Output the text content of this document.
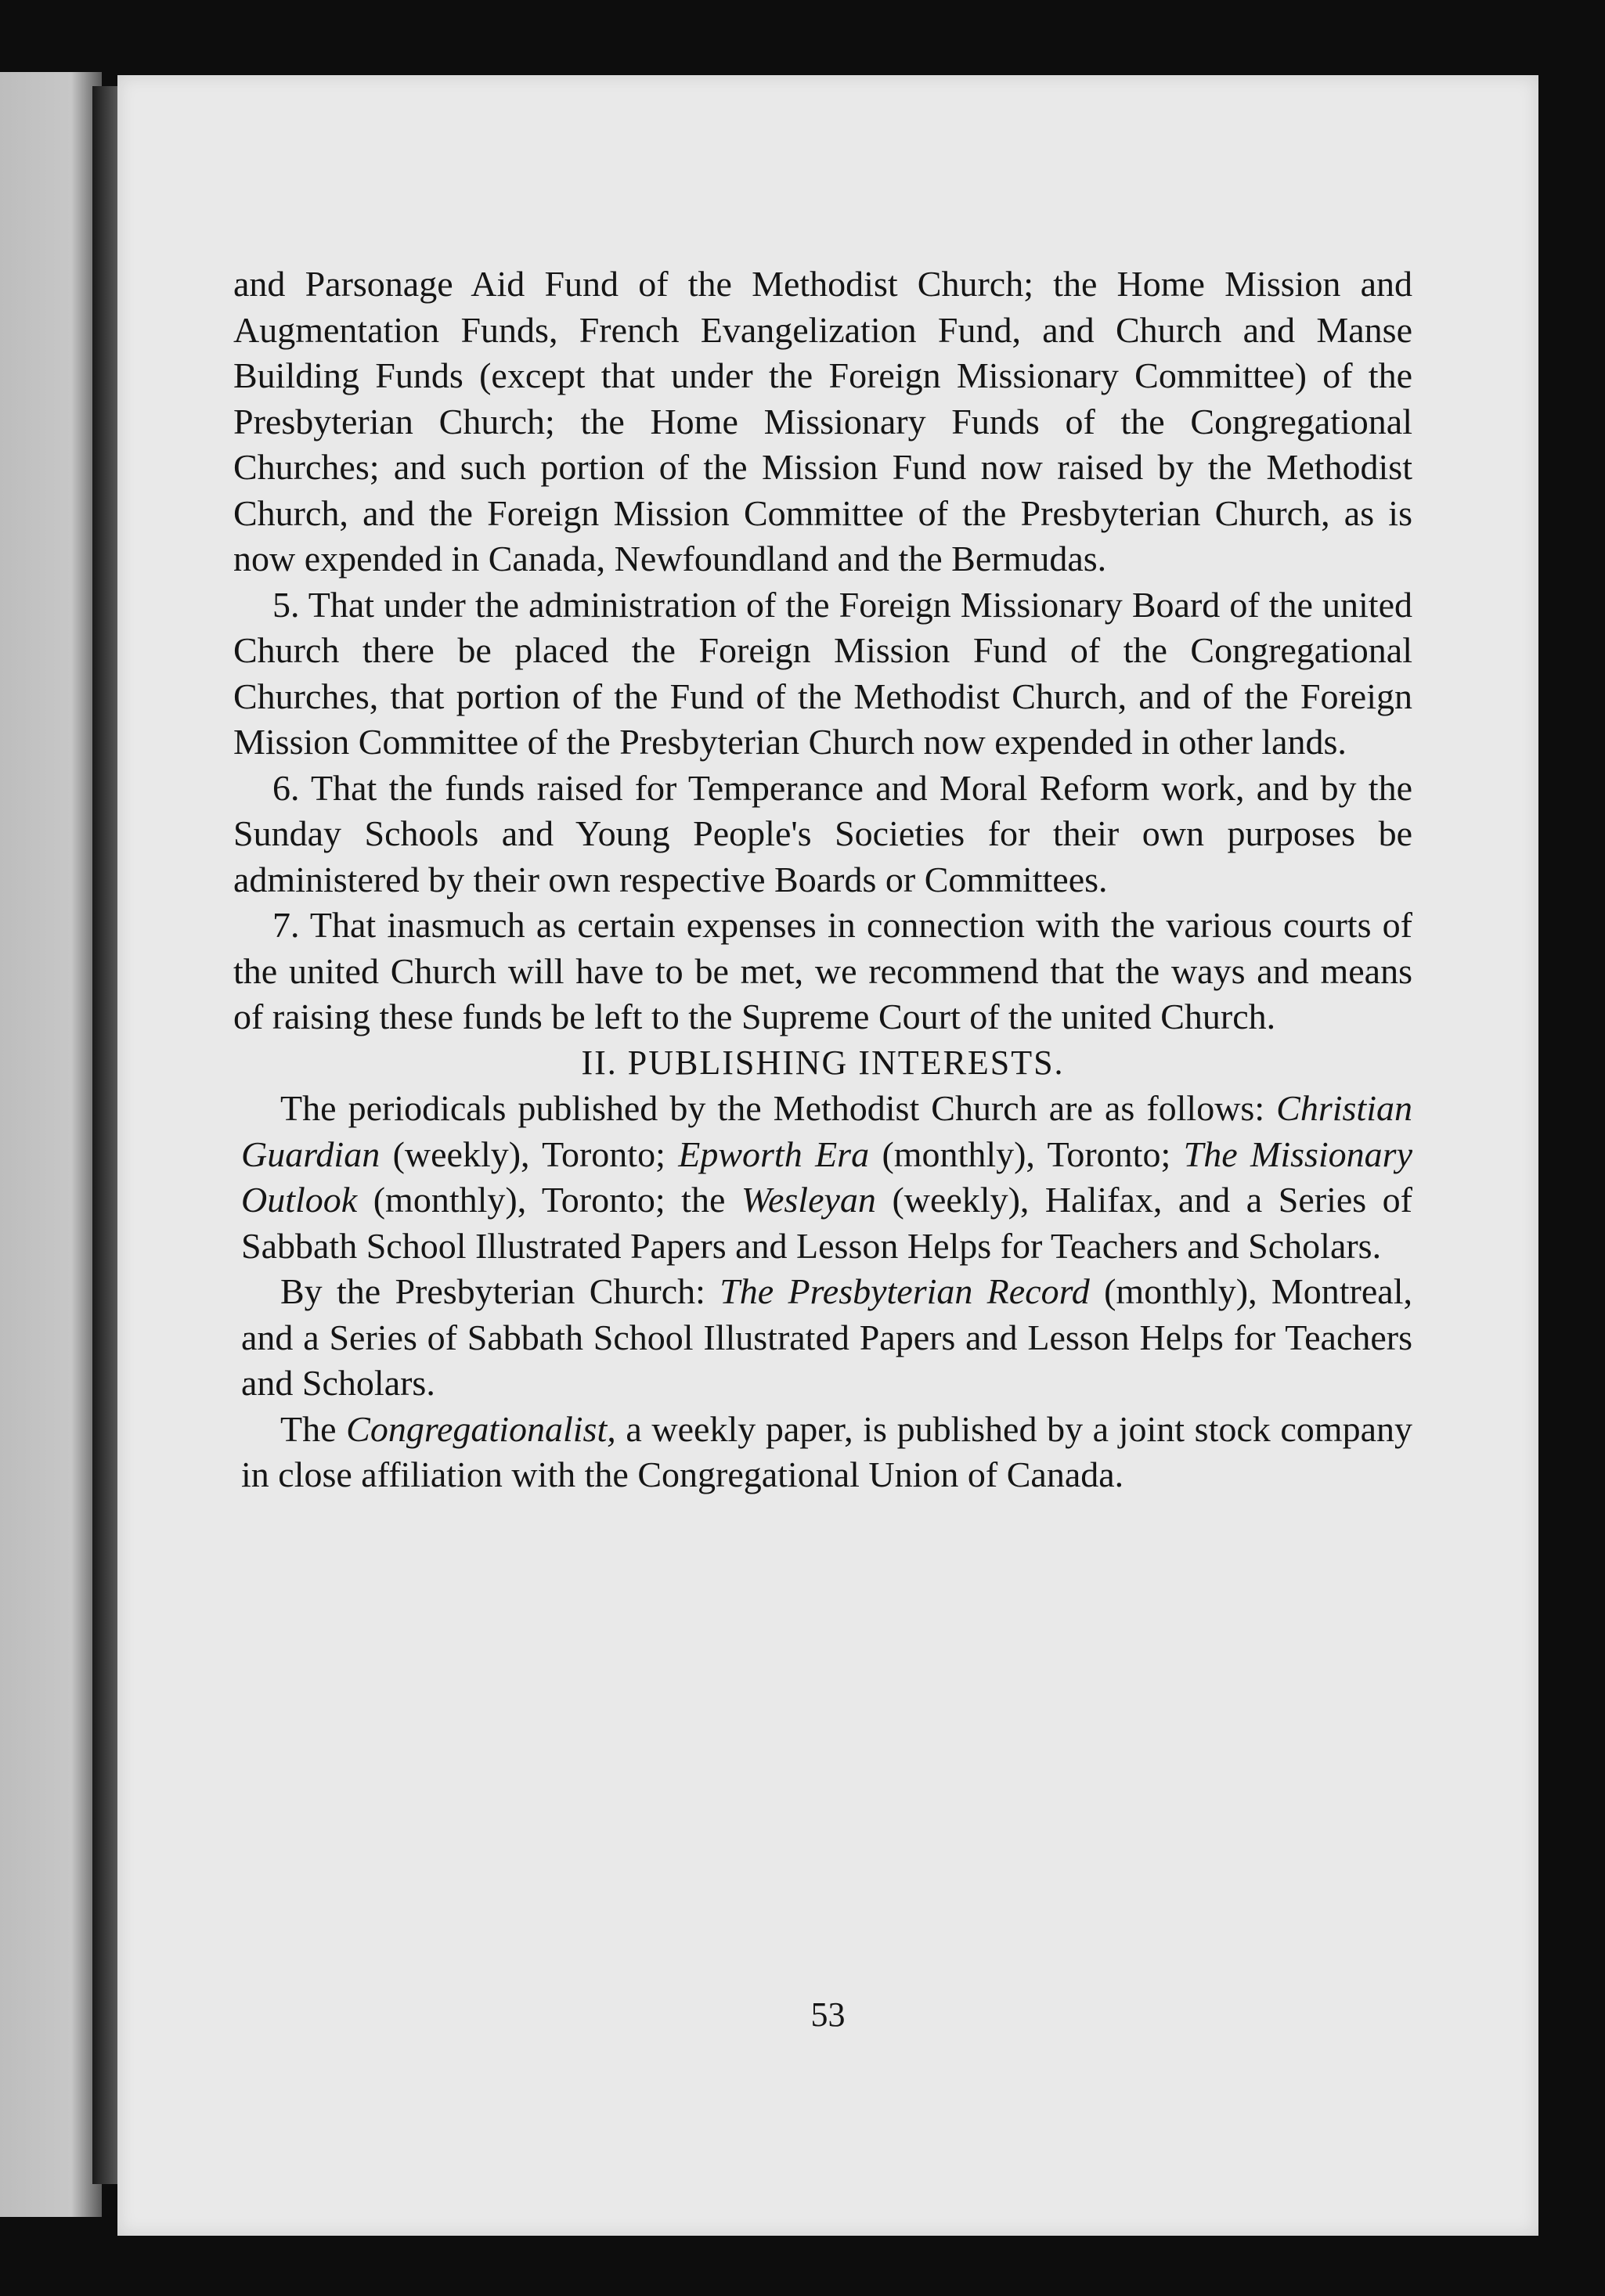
and Parsonage Aid Fund of the Methodist Church; the Home Mission and Augmentation Funds, French Evangelization Fund, and Church and Manse Building Funds (except that under the Foreign Missionary Committee) of the Presbyterian Church; the Home Missionary Funds of the Congregational Churches; and such portion of the Mission Fund now raised by the Methodist Church, and the Foreign Mission Committee of the Presbyterian Church, as is now expended in Canada, Newfoundland and the Bermudas.

5. That under the administration of the Foreign Missionary Board of the united Church there be placed the Foreign Mission Fund of the Congregational Churches, that portion of the Fund of the Methodist Church, and of the Foreign Mission Committee of the Presbyterian Church now expended in other lands.

6. That the funds raised for Temperance and Moral Reform work, and by the Sunday Schools and Young People's Societies for their own purposes be administered by their own respective Boards or Committees.

7. That inasmuch as certain expenses in connection with the various courts of the united Church will have to be met, we recommend that the ways and means of raising these funds be left to the Supreme Court of the united Church.

II. PUBLISHING INTERESTS.

The periodicals published by the Methodist Church are as follows: Christian Guardian (weekly), Toronto; Epworth Era (monthly), Toronto; The Missionary Outlook (monthly), Toronto; the Wesleyan (weekly), Halifax, and a Series of Sabbath School Illustrated Papers and Lesson Helps for Teachers and Scholars.

By the Presbyterian Church: The Presbyterian Record (monthly), Montreal, and a Series of Sabbath School Illustrated Papers and Lesson Helps for Teachers and Scholars.

The Congregationalist, a weekly paper, is published by a joint stock company in close affiliation with the Congregational Union of Canada.

53
